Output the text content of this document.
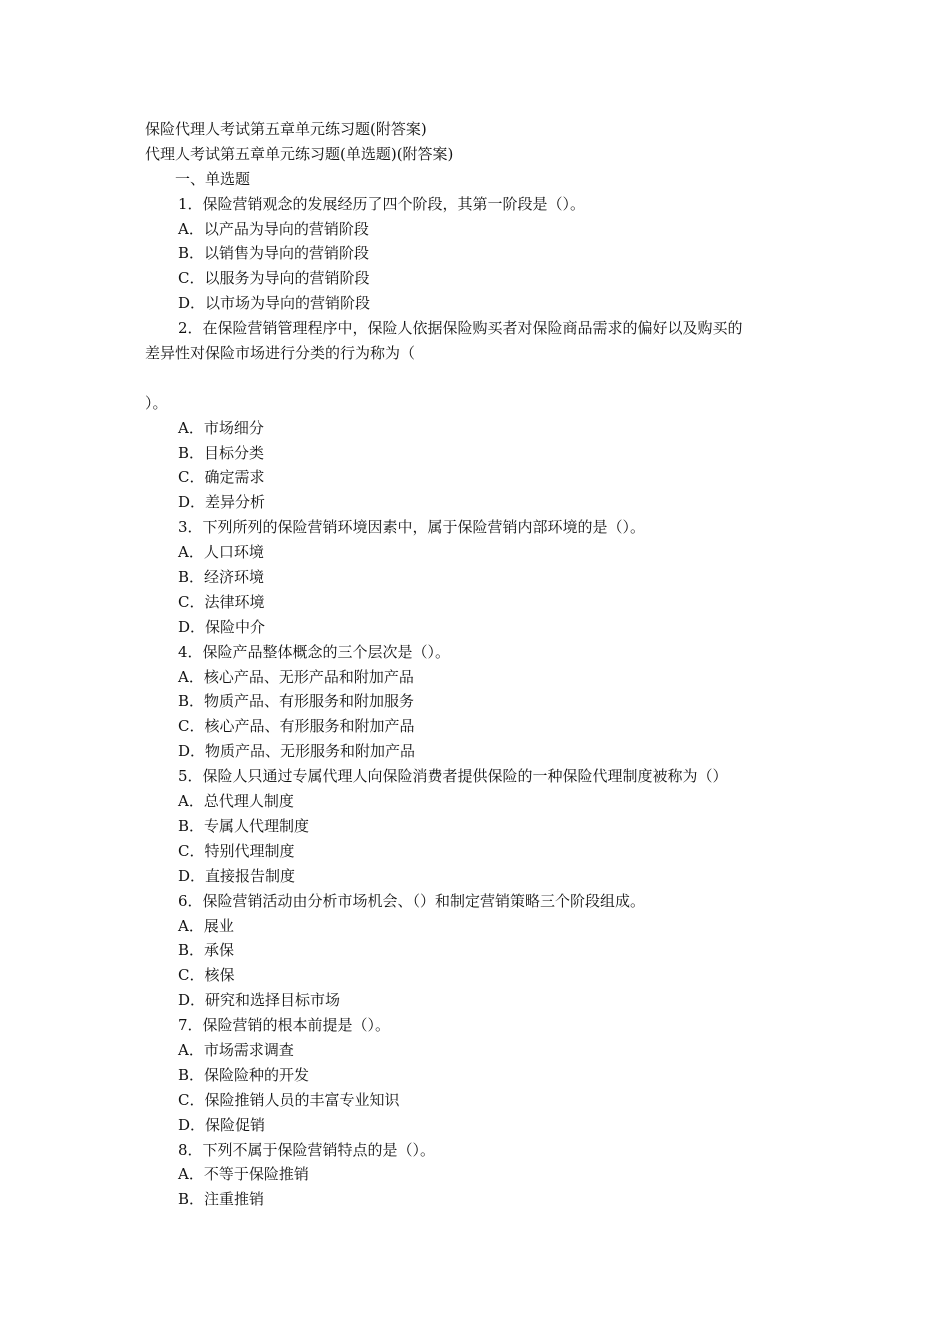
保险代理人考试第五章单元练习题(附答案)
代理人考试第五章单元练习题(单选题)(附答案)
一、单选题
1．保险营销观念的发展经历了四个阶段，其第一阶段是（）。
A．以产品为导向的营销阶段
B．以销售为导向的营销阶段
C．以服务为导向的营销阶段
D．以市场为导向的营销阶段
2．在保险营销管理程序中，保险人依据保险购买者对保险商品需求的偏好以及购买的
差异性对保险市场进行分类的行为称为（
）。
A．市场细分
B．目标分类
C．确定需求
D．差异分析
3．下列所列的保险营销环境因素中，属于保险营销内部环境的是（）。
A．人口环境
B．经济环境
C．法律环境
D．保险中介
4．保险产品整体概念的三个层次是（）。
A．核心产品、无形产品和附加产品
B．物质产品、有形服务和附加服务
C．核心产品、有形服务和附加产品
D．物质产品、无形服务和附加产品
5．保险人只通过专属代理人向保险消费者提供保险的一种保险代理制度被称为（）
A．总代理人制度
B．专属人代理制度
C．特别代理制度
D．直接报告制度
6．保险营销活动由分析市场机会、（）和制定营销策略三个阶段组成。
A．展业
B．承保
C．核保
D．研究和选择目标市场
7．保险营销的根本前提是（）。
A．市场需求调查
B．保险险种的开发
C．保险推销人员的丰富专业知识
D．保险促销
8．下列不属于保险营销特点的是（）。
A．不等于保险推销
B．注重推销
